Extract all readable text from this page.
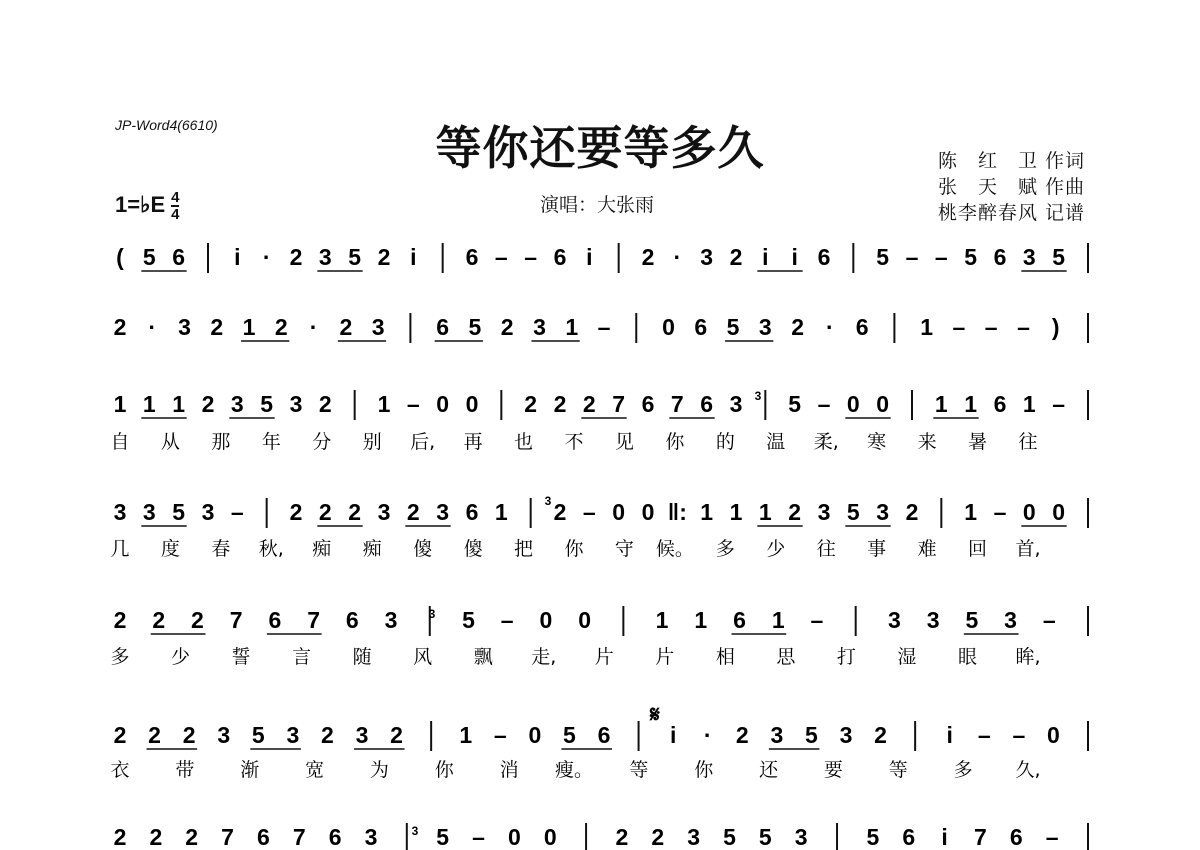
JP-Word4(6610)	等你还要等多久	陈　红　卫 作词
张　天　赋 作曲
桃李醉春风 记谱
演唱：大张雨
1=♭E $\frac{4}{4}$
( 5 6 i · 2 3 5 2 i 6 – – 6 i 2 · 3 2 i i 6 5 – – 5 6 3 5
2 · 3 2 1 2 · 2 3 6 5 2 3 1 – 0 6 5 3 2 · 6 1 – – – )
1 1 1 2 3 5 3 2 1 – 0 0 2 2 2 7 6 7 6 3 5 – 0 0 1 1 6 1 –
自 从 那 年 分 别 后, 再 也 不 见 你 的 温 柔, 寒 来 暑 往
3 3 5 3 – 2 2 2 3 2 3 6 1 2 – 0 0 ‖: 1 1 1 2 3 5 3 2 1 – 0 0
几 度 春 秋, 痴 痴 傻 傻 把 你 守 候。 多 少 往 事 难 回 首,
2 2 2 7 6 7 6 3	5 – 0 0	1 1 6 1 –	3 3 5 3 –
多 少 誓 言 随 风 飘 走, 片 片 相 思 打 湿 眼 眸,
2 2 2 3 5 3 2 3 2 1 – 0 5 6	i · 2 3 5 3 2	i – – 0
衣 带 渐 宽 为 你 消 瘦。 等 你 还 要 等 多 久,
2 2 2 7 6 7 6 3	5 – 0 0	2 2 3 5 5 3	5 6 i 7 6 –
𝄋
3
3
3
3
